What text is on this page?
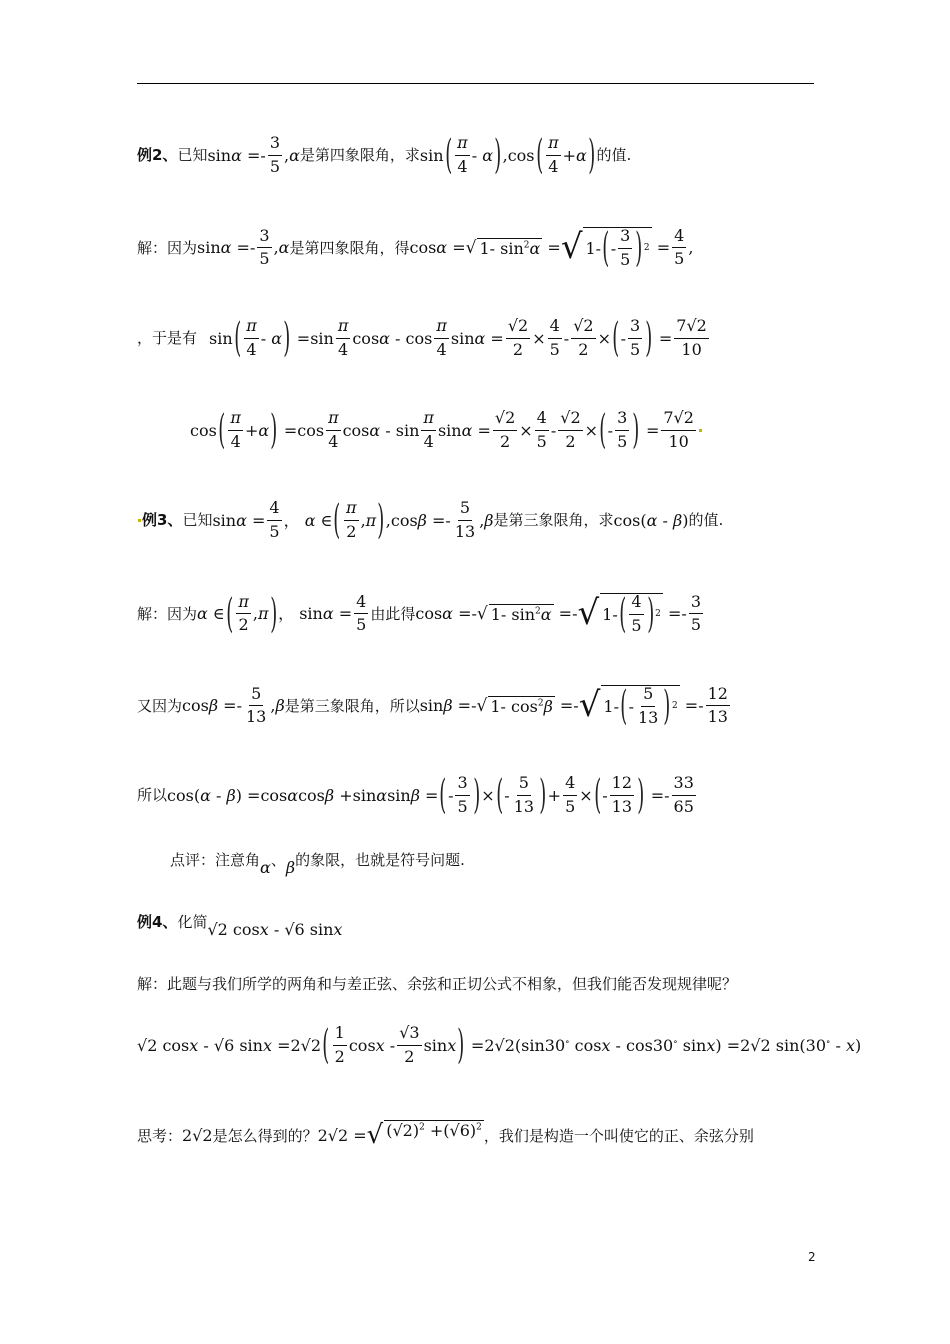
例2、 已知 $\sin\alpha =- \frac{3}{5} ,\alpha$ 是第四象限角，求 sin ( $\frac{\pi}{4}$ - α ) ,cos ( $\frac{\pi}{4} +\alpha$ ) 的值.
解：因为 $\sin\alpha =- \frac{3}{5} ,\alpha$ 是第四象限角，得 cosα = √ 1- $\sin^2\alpha$ = √ 1- ( - $\frac{3}{5}$ ) $2 = \frac{4}{5}$ ,
，于是有 sin ( $\frac{\pi}{4}$ - α ) $=\sin \frac{\pi}{4}$ cosα - $\cos \frac{\pi}{4}$ $\sin\alpha = \frac{√2}{2} \times \frac{4}{5} - \frac{√2}{2}$ × ( - $\frac{3}{5}$ ) = $\frac{7√2}{10}$
cos ( $\frac{\pi}{4} +\alpha$ ) $=\cos \frac{\pi}{4}$ cosα - $\sin \frac{\pi}{4}$ $\sin\alpha = \frac{√2}{2} \times \frac{4}{5} - \frac{√2}{2}$ × ( - $\frac{3}{5}$ ) = $\frac{7√2}{10}$
例3、 已知 $\sin\alpha = \frac{4}{5}$ ， α ∈ ( $\frac{\pi}{2} ,\pi$ ) $,\cos\beta =- \frac{5}{13} ,\beta$ 是第三象限角，求 cos(α - β) 的值.
解：因为 α ∈ ( $\frac{\pi}{2} ,\pi$ ) ， $\sin\alpha = \frac{4}{5}$ 由此得 cosα =- √ 1- $\sin^2\alpha$ =- √ 1- ( $\frac{4}{5}$ ) $2 =- \frac{3}{5}$
又因为 $\cos\beta =- \frac{5}{13} ,\beta$ 是第三象限角，所以 sinβ =- √ 1- $\cos^2\beta$ =- √ 1- ( - $\frac{5}{13}$ ) $2 =- \frac{12}{13}$
所以 cos(α - β) =cosαcosβ +sinαsinβ = ( - $\frac{3}{5}$ ) × ( - $\frac{5}{13}$ ) + $\frac{4}{5}$ × ( - $\frac{12}{13}$ ) =- $\frac{33}{65}$
点评：注意角 α 、 β 的象限，也就是符号问题.
例4、 化简 √2 cosx - √6 sinx
解：此题与我们所学的两角和与差正弦、余弦和正切公式不相象，但我们能否发现规律呢？
√2 cosx - √6 sinx =2√2 ( $\frac{1}{2}$ cosx - $\frac{√3}{2}$ sinx ) =2√2(sin30∘ cosx - cos30∘ sinx) =2√2 sin(30∘ - x)
思考： 2√2 是怎么得到的？ 2√2 = √ $(√2)^2 +(√6)^2$ ，我们是构造一个叫使它的正、余弦分别
2
